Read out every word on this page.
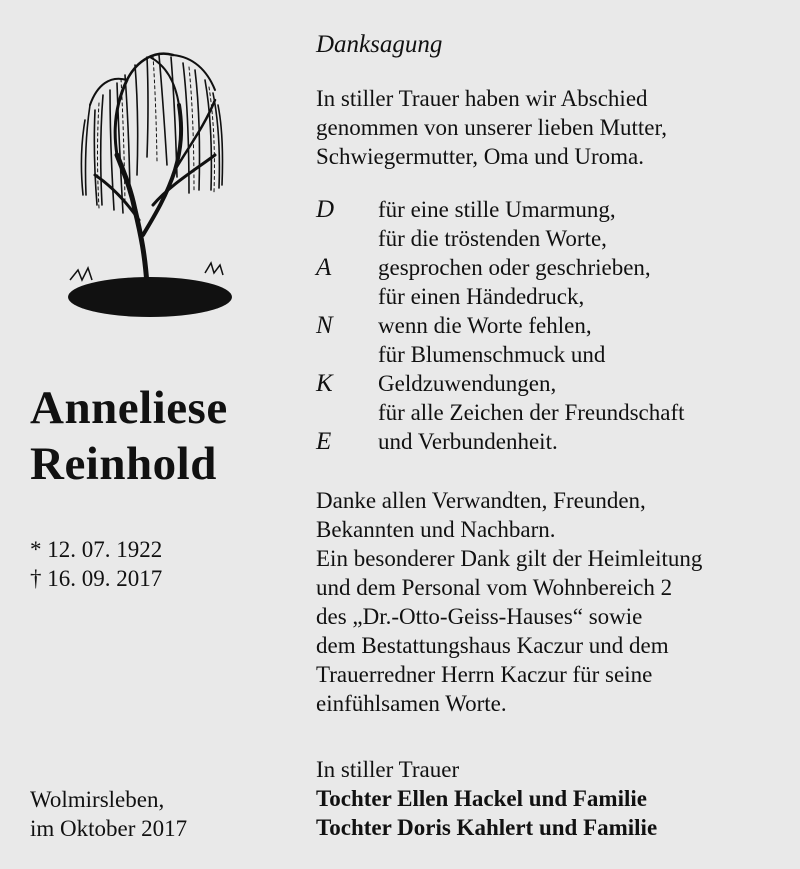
Anneliese
Reinhold
* 12. 07. 1922
† 16. 09. 2017
Wolmirsleben,
im Oktober 2017
Danksagung
In stiller Trauer haben wir Abschied
genommen von unserer lieben Mutter,
Schwiegermutter, Oma und Uroma.
D	für eine stille Umarmung,
für die tröstenden Worte,
A	gesprochen oder geschrieben,
für einen Händedruck,
N	wenn die Worte fehlen,
für Blumenschmuck und
K	Geldzuwendungen,
für alle Zeichen der Freundschaft
E	und Verbundenheit.
Danke allen Verwandten, Freunden,
Bekannten und Nachbarn.
Ein besonderer Dank gilt der Heimleitung
und dem Personal vom Wohnbereich 2
des „Dr.-Otto-Geiss-Hauses“ sowie
dem Bestattungshaus Kaczur und dem
Trauerredner Herrn Kaczur für seine
einfühlsamen Worte.
In stiller Trauer
Tochter Ellen Hackel und Familie
Tochter Doris Kahlert und Familie
